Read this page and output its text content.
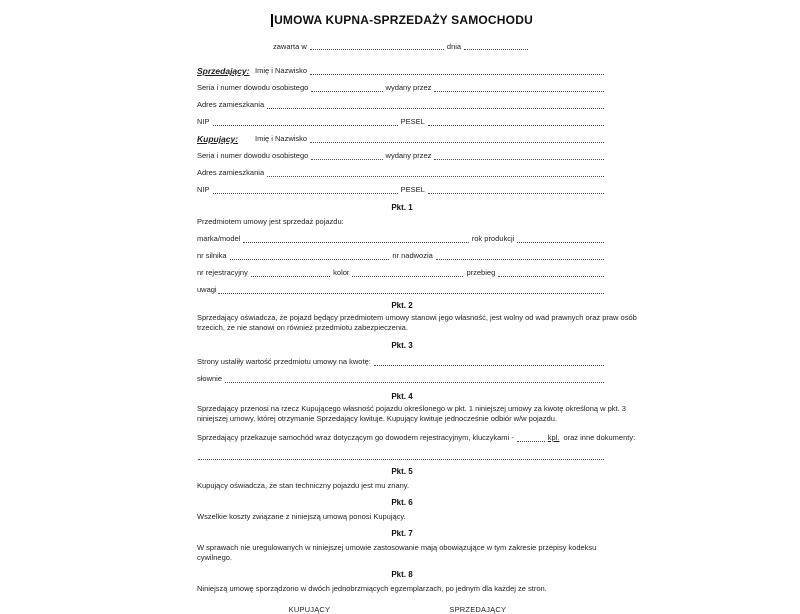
UMOWA KUPNA-SPRZEDAŻY SAMOCHODU
zawarta w	dnia
Sprzedający: Imię i Nazwisko
Seria i numer dowodu osobistego	wydany przez
Adres zamieszkania
NIP	PESEL
Kupujący:	Imię i Nazwisko
Seria i numer dowodu osobistego	wydany przez
Adres zamieszkania
NIP	PESEL
Pkt. 1
Przedmiotem umowy jest sprzedaż pojazdu:
marka/model	rok produkcji
nr silnika	nr nadwozia
nr rejestracyjny	kolor	przebieg
uwagi
Pkt. 2
Sprzedający oświadcza, że pojazd będący przedmiotem umowy stanowi jego własność, jest wolny od wad prawnych oraz praw osób
trzecich, że nie stanowi on również przedmiotu zabezpieczenia.
Pkt. 3
Strony ustaliły wartość przedmiotu umowy na kwotę:
słownie
Pkt. 4
Sprzedający przenosi na rzecz Kupującego własność pojazdu określonego w pkt. 1 niniejszej umowy za kwotę określoną w pkt. 3
niniejszej umowy, której otrzymanie Sprzedający kwituje. Kupujący kwituje jednocześnie odbiór w/w pojazdu.
Sprzedający przekazuje samochód wraz dotyczącym go dowodem rejestracyjnym, kluczykami -	kpl. oraz inne dokumenty:
Pkt. 5
Kupujący oświadcza, że stan techniczny pojazdu jest mu znany.
Pkt. 6
Wszelkie koszty związane z niniejszą umową ponosi Kupujący.
Pkt. 7
W sprawach nie uregulowanych w niniejszej umowie zastosowanie mają obowiązujące w tym zakresie przepisy kodeksu cywilnego.
Pkt. 8
Niniejszą umowę sporządzono w dwóch jednobrzmiących egzemplarzach, po jednym dla każdej ze stron.
KUPUJĄCY	SPRZEDAJĄCY
